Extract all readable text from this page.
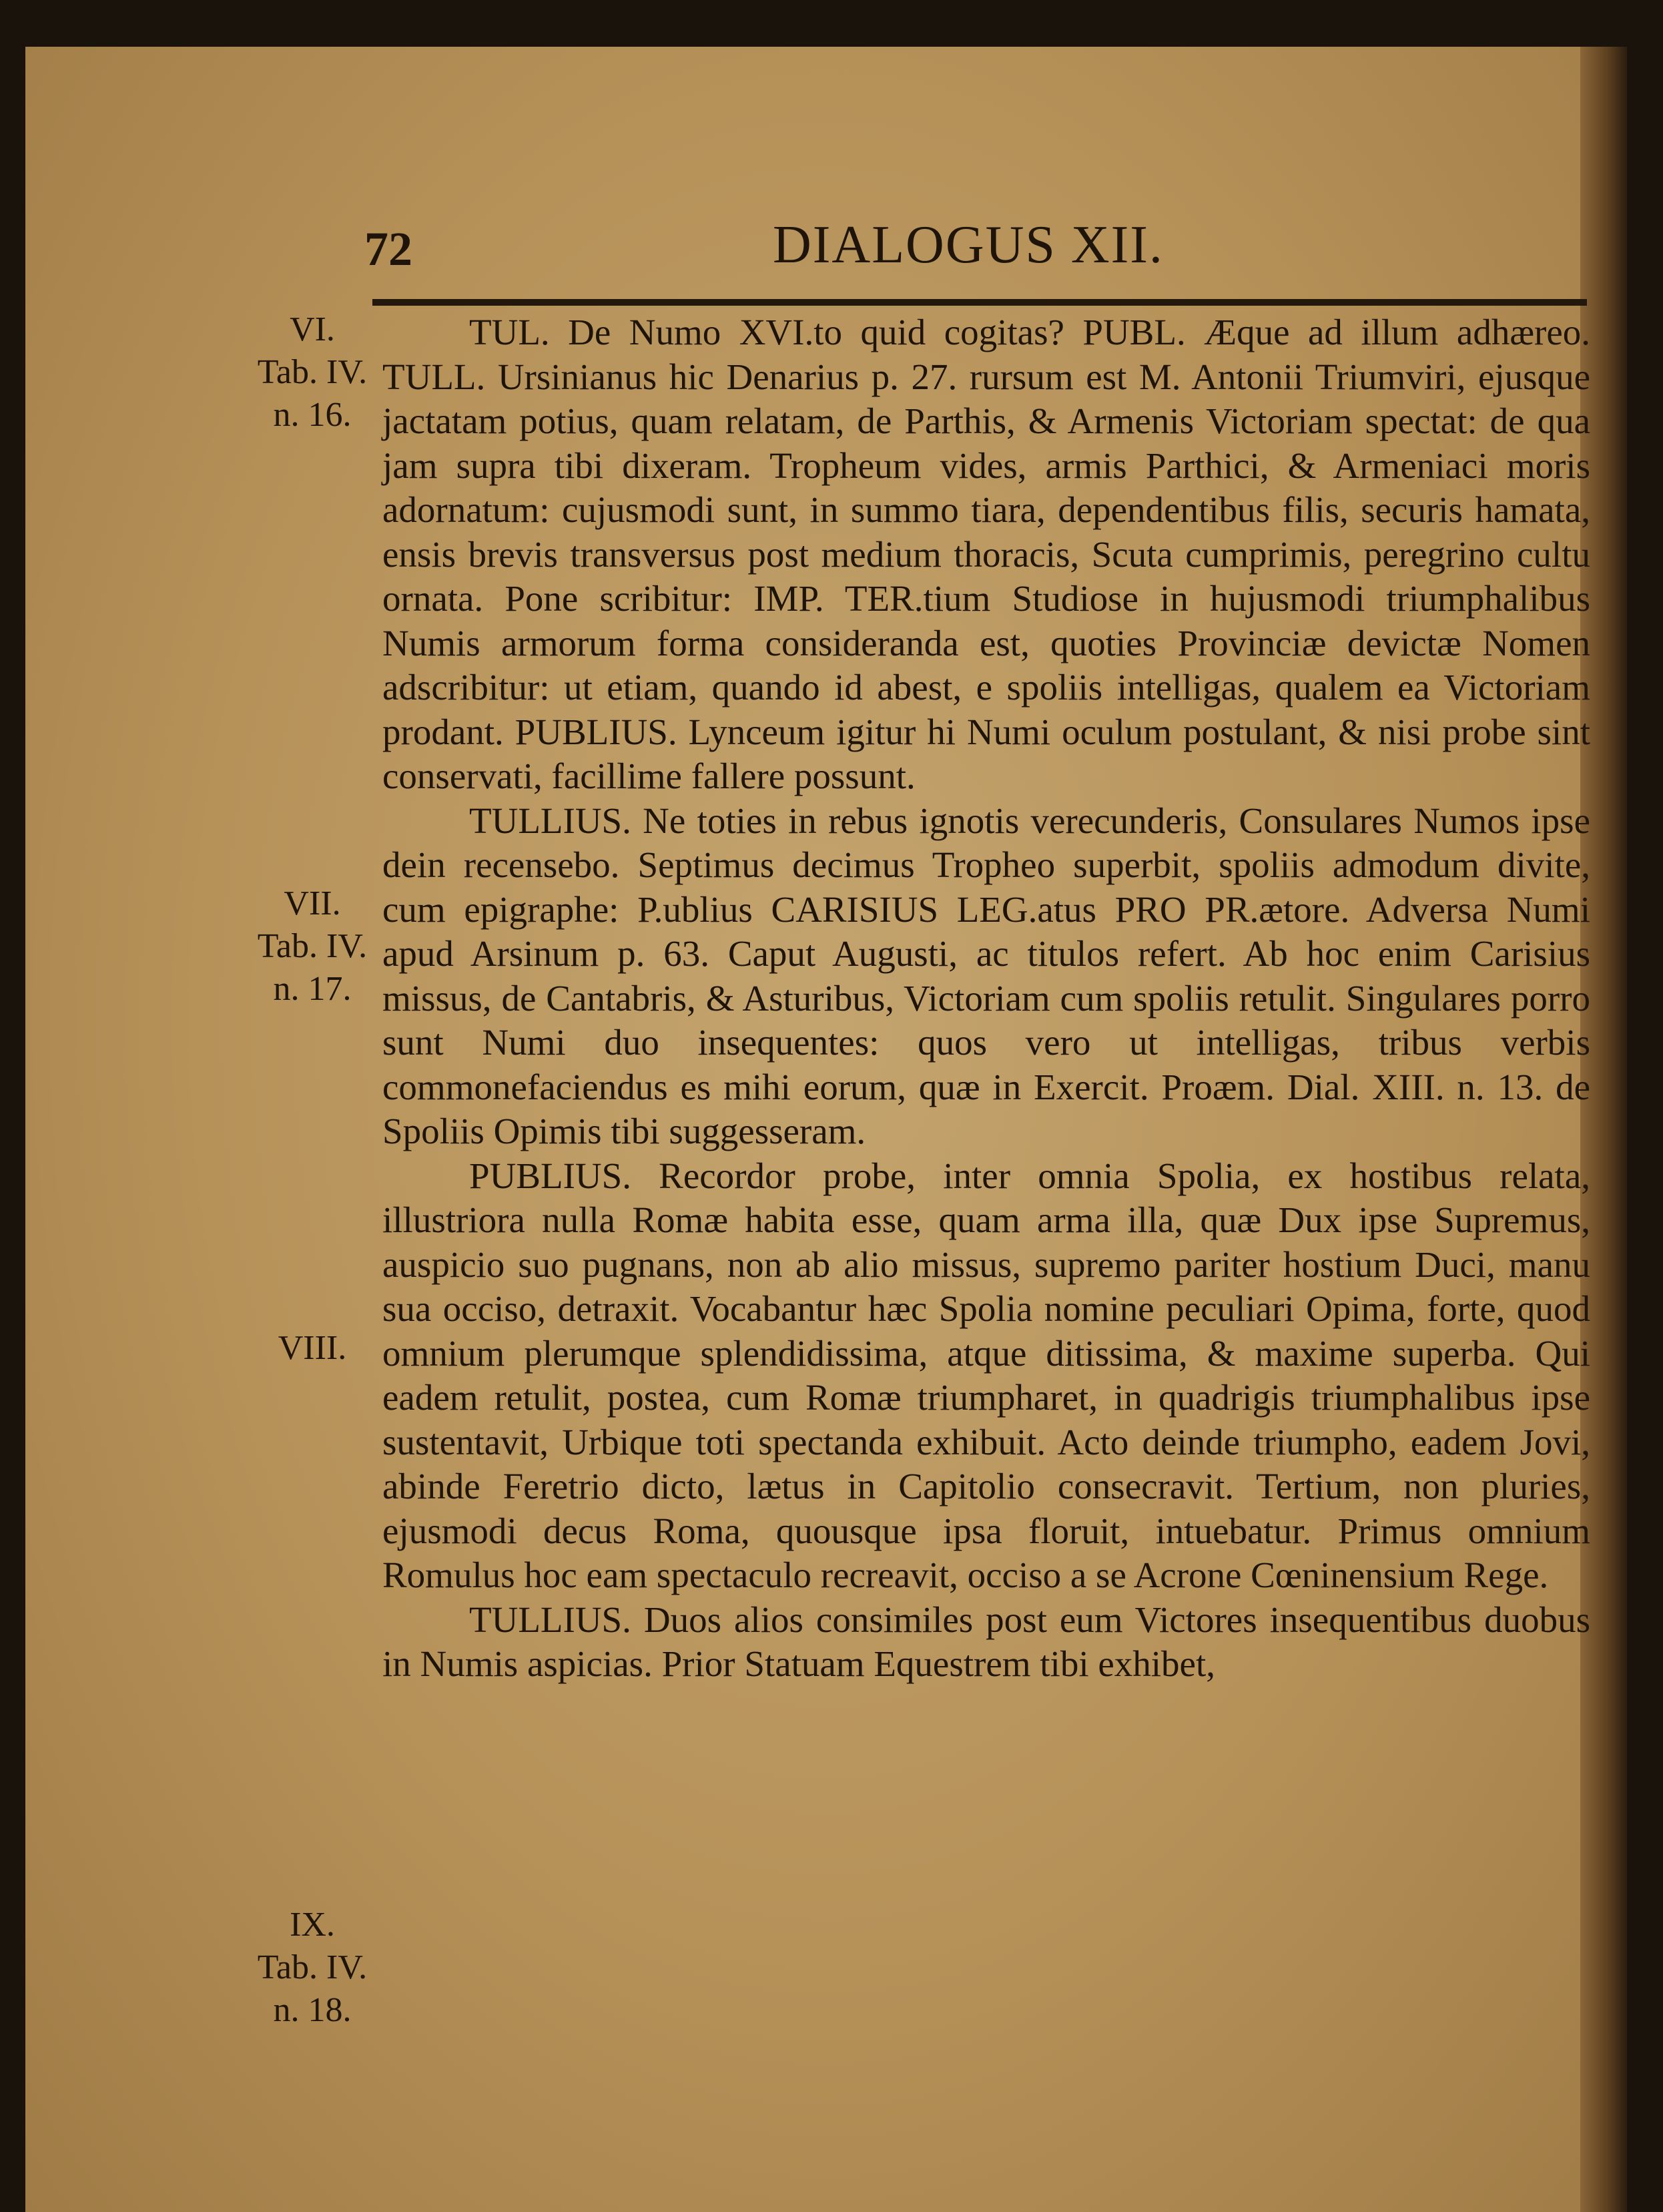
72	DIALOGUS XII.
VI.
Tab. IV.
n. 16.
VII.
Tab. IV.
n. 17.
VIII.
IX.
Tab. IV.
n. 18.

TUL. De Numo XVI.to quid cogitas? PUBL. Æque ad illum adhæreo. TULL. Ursinianus hic Denarius p. 27. rursum est M. Antonii Triumviri, ejusque jactatam potius, quam relatam, de Parthis, & Armenis Victoriam spectat: de qua jam supra tibi dixeram. Tropheum vides, armis Parthici, & Armeniaci moris adornatum: cujusmodi sunt, in summo tiara, dependentibus filis, securis hamata, ensis brevis transversus post medium thoracis, Scuta cumprimis, peregrino cultu ornata. Pone scribitur: IMP. TER.tium Studiose in hujusmodi triumphalibus Numis armorum forma consideranda est, quoties Provinciæ devictæ Nomen adscribitur: ut etiam, quando id abest, e spoliis intelligas, qualem ea Victoriam prodant. PUBLIUS. Lynceum igitur hi Numi oculum postulant, & nisi probe sint conservati, facillime fallere possunt.

TULLIUS. Ne toties in rebus ignotis verecunderis, Consulares Numos ipse dein recensebo. Septimus decimus Tropheo superbit, spoliis admodum divite, cum epigraphe: P.ublius CARISIUS LEG.atus PRO PR.ætore. Adversa Numi apud Arsinum p. 63. Caput Augusti, ac titulos refert. Ab hoc enim Carisius missus, de Cantabris, & Asturibus, Victoriam cum spoliis retulit. Singulares porro sunt Numi duo insequentes: quos vero ut intelligas, tribus verbis commonefaciendus es mihi eorum, quæ in Exercit. Proæm. Dial. XIII. n. 13. de Spoliis Opimis tibi suggesseram.

PUBLIUS. Recordor probe, inter omnia Spolia, ex hostibus relata, illustriora nulla Romæ habita esse, quam arma illa, quæ Dux ipse Supremus, auspicio suo pugnans, non ab alio missus, supremo pariter hostium Duci, manu sua occiso, detraxit. Vocabantur hæc Spolia nomine peculiari Opima, forte, quod omnium plerumque splendidissima, atque ditissima, & maxime superba. Qui eadem retulit, postea, cum Romæ triumpharet, in quadrigis triumphalibus ipse sustentavit, Urbique toti spectanda exhibuit. Acto deinde triumpho, eadem Jovi, abinde Feretrio dicto, lætus in Capitolio consecravit. Tertium, non pluries, ejusmodi decus Roma, quousque ipsa floruit, intuebatur. Primus omnium Romulus hoc eam spectaculo recreavit, occiso a se Acrone Cœninensium Rege.

TULLIUS. Duos alios consimiles post eum Victores insequentibus duobus in Numis aspicias. Prior Statuam Equestrem tibi exhibet,
